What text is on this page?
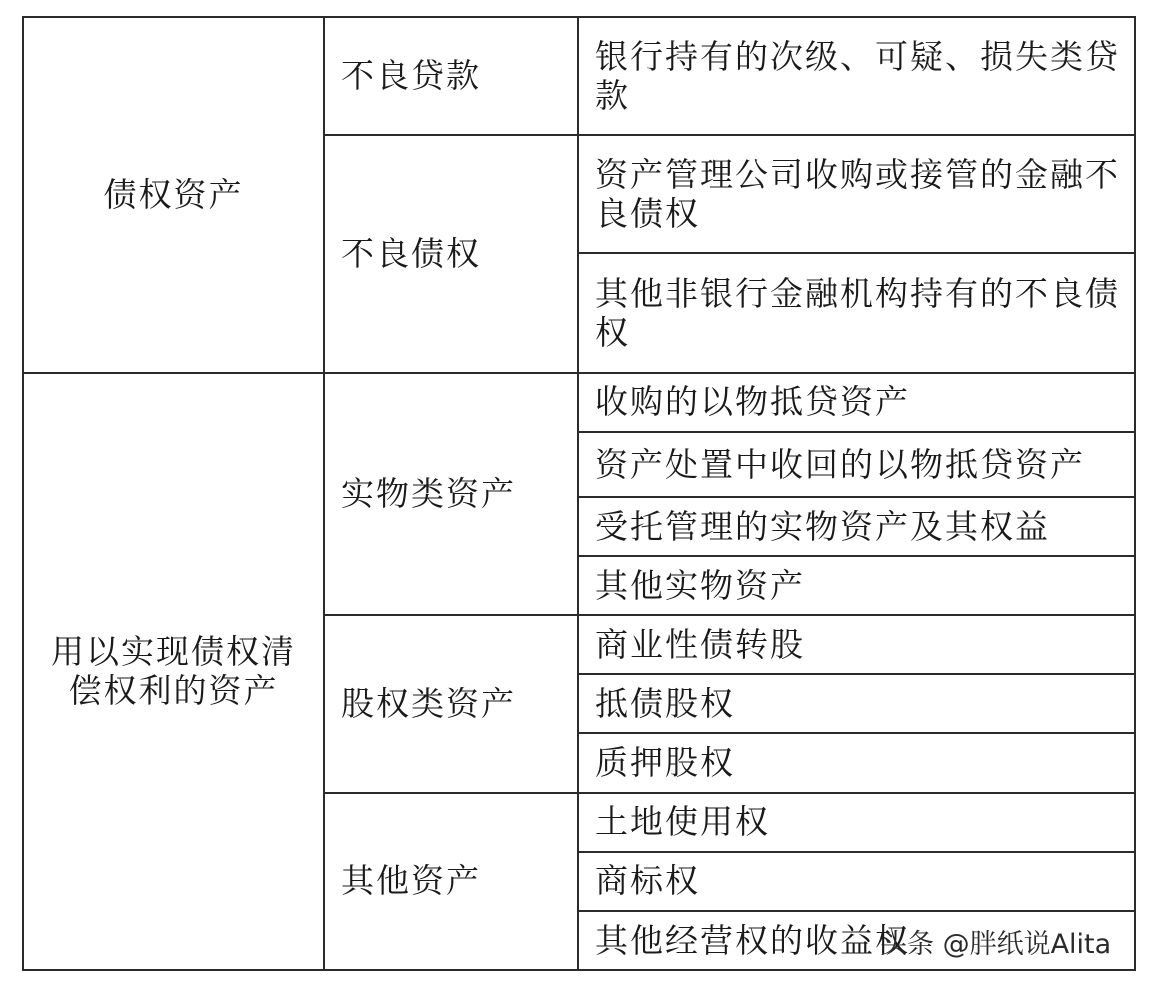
债权资产	不良贷款	银行持有的次级、可疑、损失类贷款
	不良债权	资产管理公司收购或接管的金融不良债权
		其他非银行金融机构持有的不良债权
用以实现债权清偿权利的资产	实物类资产	收购的以物抵贷资产
		资产处置中收回的以物抵贷资产
		受托管理的实物资产及其权益
		其他实物资产
	股权类资产	商业性债转股
		抵债股权
		质押股权
	其他资产	土地使用权
		商标权
		其他经营权的收益权
头条 @胖纸说Alita
